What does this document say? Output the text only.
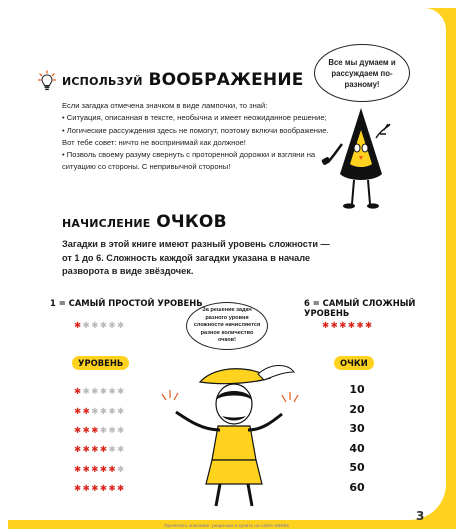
ИСПОЛЬЗУЙ ВООБРАЖЕНИЕ

Если загадка отмечена значком в виде лампочки, то знай:

• Ситуация, описанная в тексте, необычна и имеет неожиданное решение;

• Логические рассуждения здесь не помогут, поэтому включи воображение. Вот тебе совет: ничто не воспринимай как должное!

• Позволь своему разуму свернуть с проторенной дорожки и взгляни на ситуацию со стороны. С непривычной стороны!

Все мы думаем и рассуждаем по-разному!
НАЧИСЛЕНИЕ ОЧКОВ
Загадки в этой книге имеют разный уровень сложности — от 1 до 6. Сложность каждой загадки указана в начале разворота в виде звёздочек.
1 = САМЫЙ ПРОСТОЙ УРОВЕНЬ
✱✱✱✱✱✱
6 = САМЫЙ СЛОЖНЫЙ УРОВЕНЬ
✱✱✱✱✱✱
За решение задач разного уровня сложности начисляется разное количество очков!
УРОВЕНЬ	ОЧКИ
✱ ✱ ✱ ✱ ✱ ✱
✱ ✱ ✱ ✱ ✱ ✱
✱ ✱ ✱ ✱ ✱ ✱
✱ ✱ ✱ ✱ ✱ ✱
✱ ✱ ✱ ✱ ✱ ✱
✱ ✱ ✱ ✱ ✱ ✱
10
20
30
40
50
60
3
Прочитать описание, рецензии и купить на сайте МИФа
